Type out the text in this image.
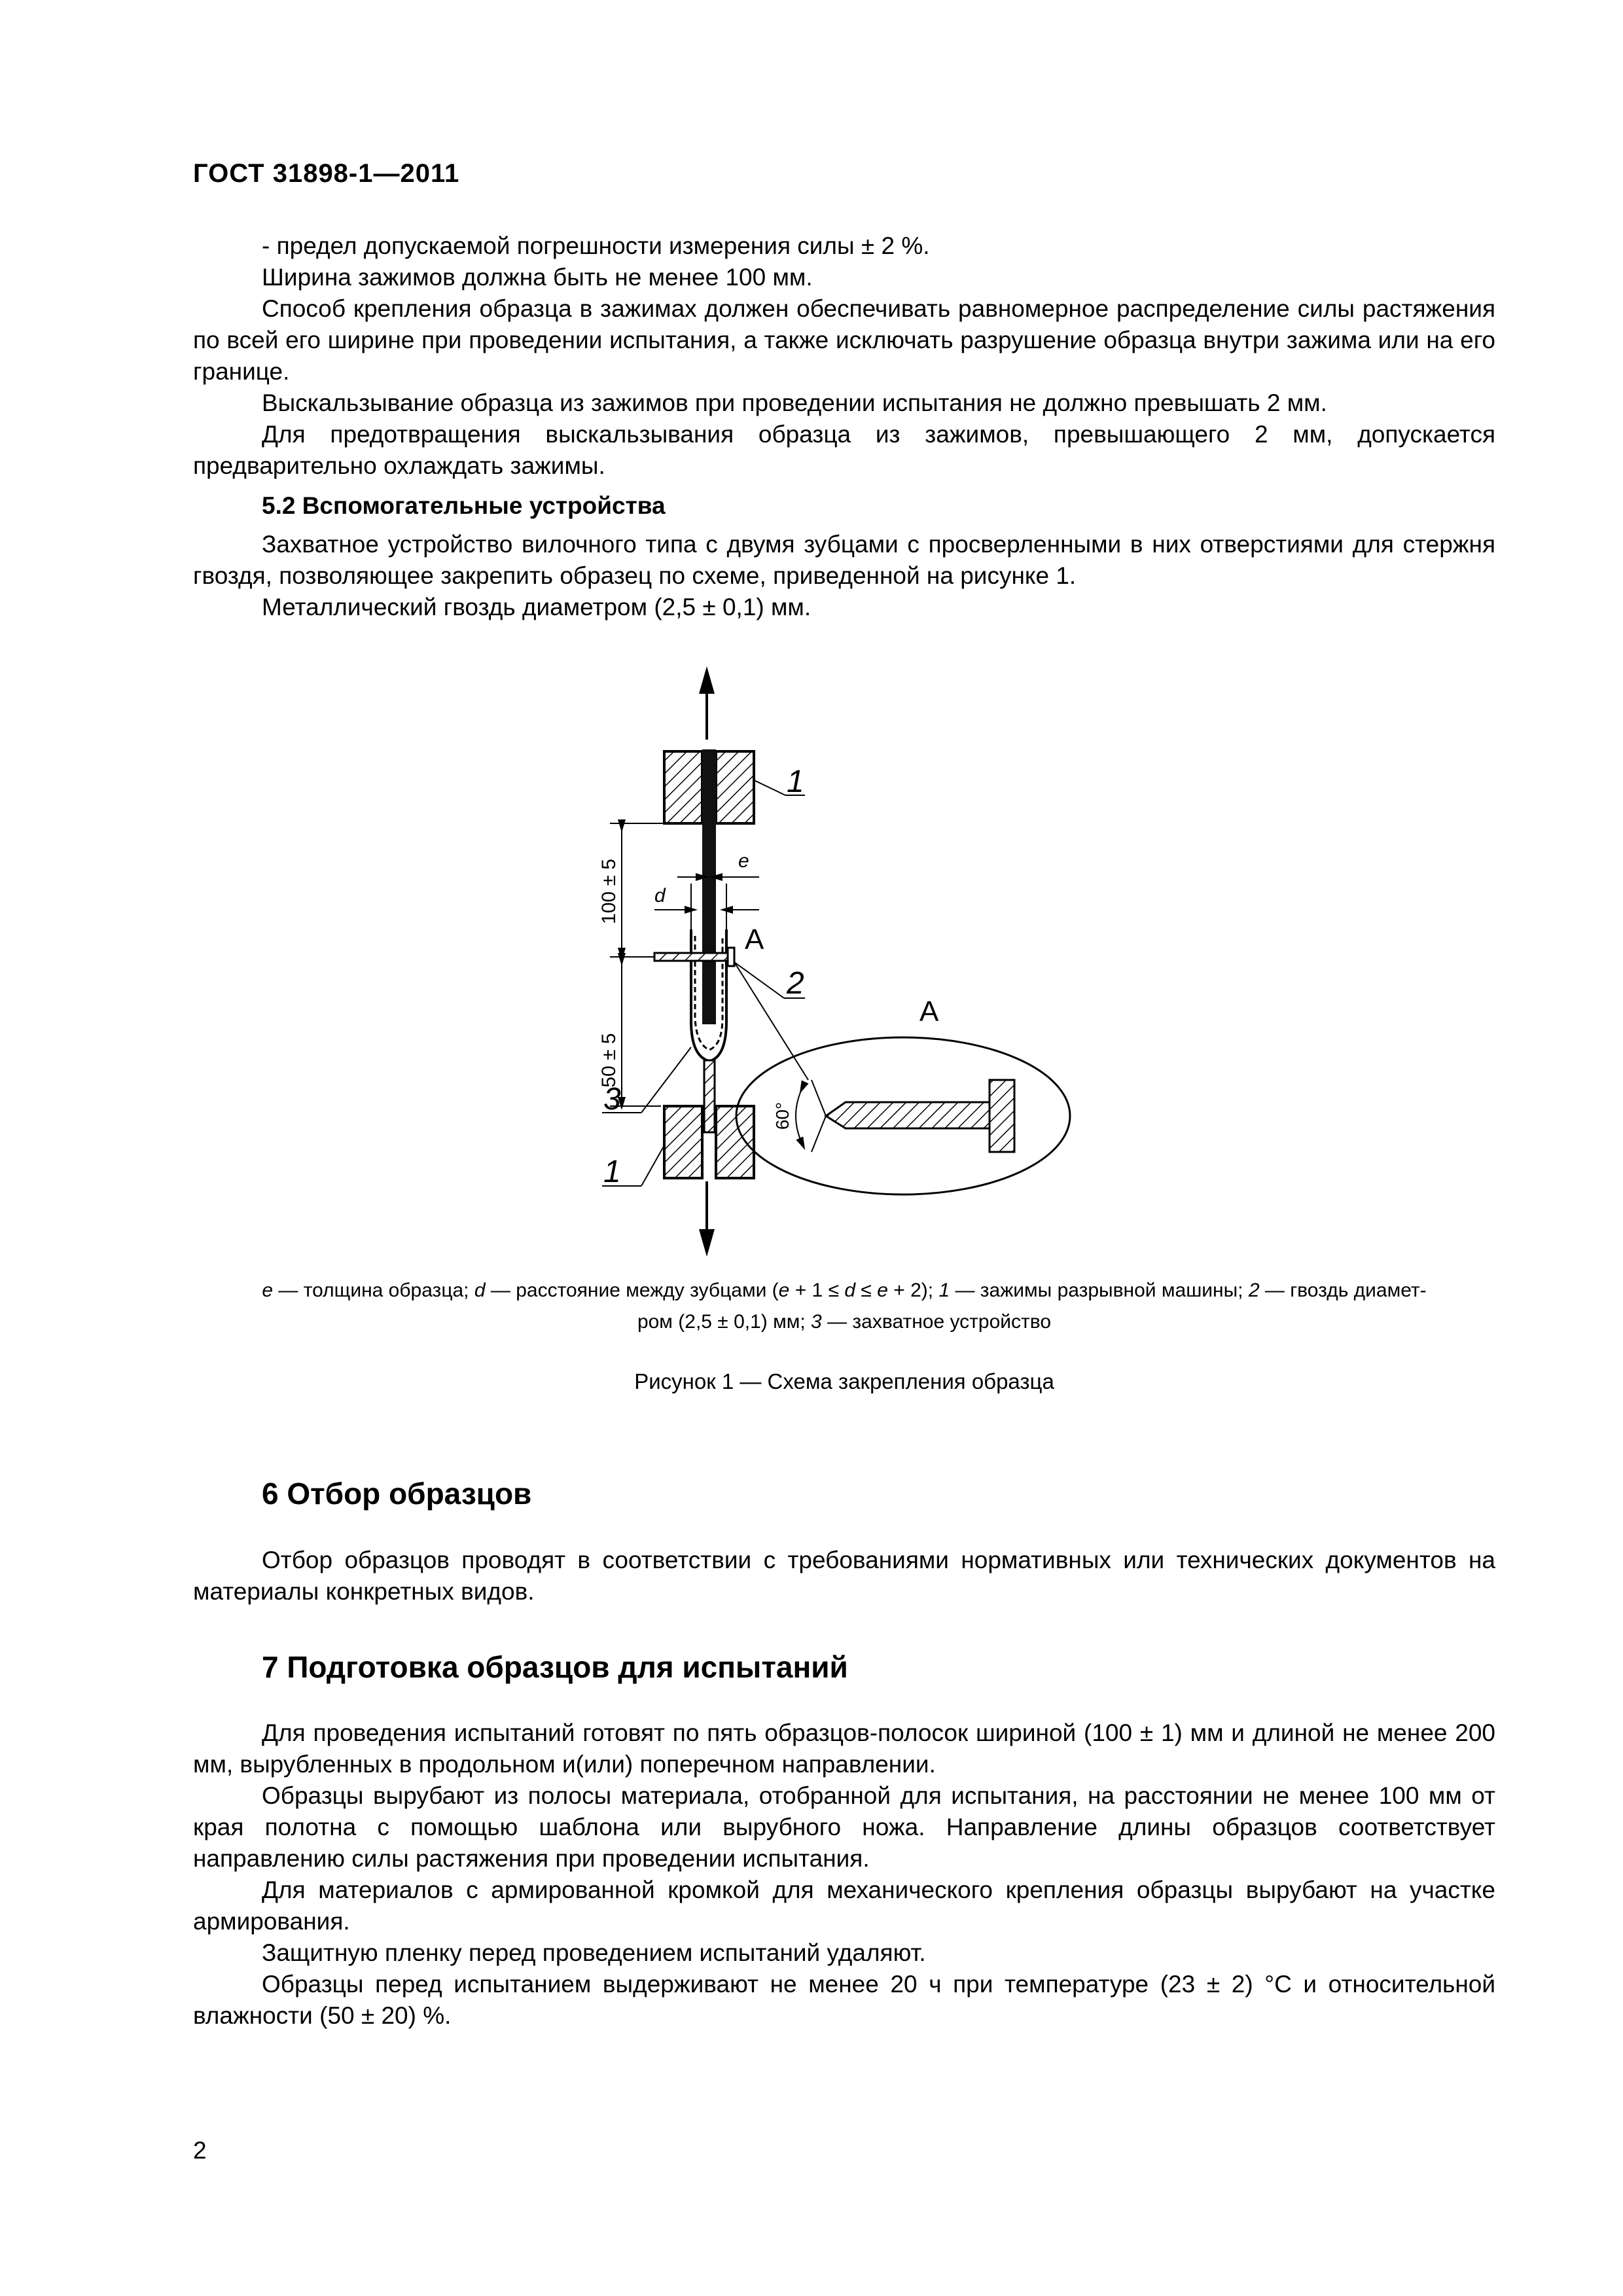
ГОСТ 31898-1—2011

- предел допускаемой погрешности измерения силы ± 2 %.

Ширина зажимов должна быть не менее 100 мм.

Способ крепления образца в зажимах должен обеспечивать равномерное распределение силы растяжения по всей его ширине при проведении испытания, а также исключать разрушение образца внутри зажима или на его границе.

Выскальзывание образца из зажимов при проведении испытания не должно превышать 2 мм.

Для предотвращения выскальзывания образца из зажимов, превышающего 2 мм, допускается предварительно охлаждать зажимы.

5.2 Вспомогательные устройства

Захватное устройство вилочного типа с двумя зубцами с просверленными в них отверстиями для стержня гвоздя, позволяющее закрепить образец по схеме, приведенной на рисунке 1.

Металлический гвоздь диаметром (2,5 ± 0,1) мм.

100 ± 5
50 ± 5
d
e
1
А
2
3
1
А
60°
e — толщина образца; d — расстояние между зубцами (e + 1 ≤ d ≤ e + 2); 1 — зажимы разрывной машины; 2 — гвоздь диамет-
ром (2,5 ± 0,1) мм; 3 — захватное устройство
Рисунок 1 — Схема закрепления образца
6 Отбор образцов

Отбор образцов проводят в соответствии с требованиями нормативных или технических документов на материалы конкретных видов.

7 Подготовка образцов для испытаний

Для проведения испытаний готовят по пять образцов-полосок шириной (100 ± 1) мм и длиной не менее 200 мм, вырубленных в продольном и(или) поперечном направлении.

Образцы вырубают из полосы материала, отобранной для испытания, на расстоянии не менее 100 мм от края полотна с помощью шаблона или вырубного ножа. Направление длины образцов соответствует направлению силы растяжения при проведении испытания.

Для материалов с армированной кромкой для механического крепления образцы вырубают на участке армирования.

Защитную пленку перед проведением испытаний удаляют.

Образцы перед испытанием выдерживают не менее 20 ч при температуре (23 ± 2) °С и относительной влажности (50 ± 20) %.

2
